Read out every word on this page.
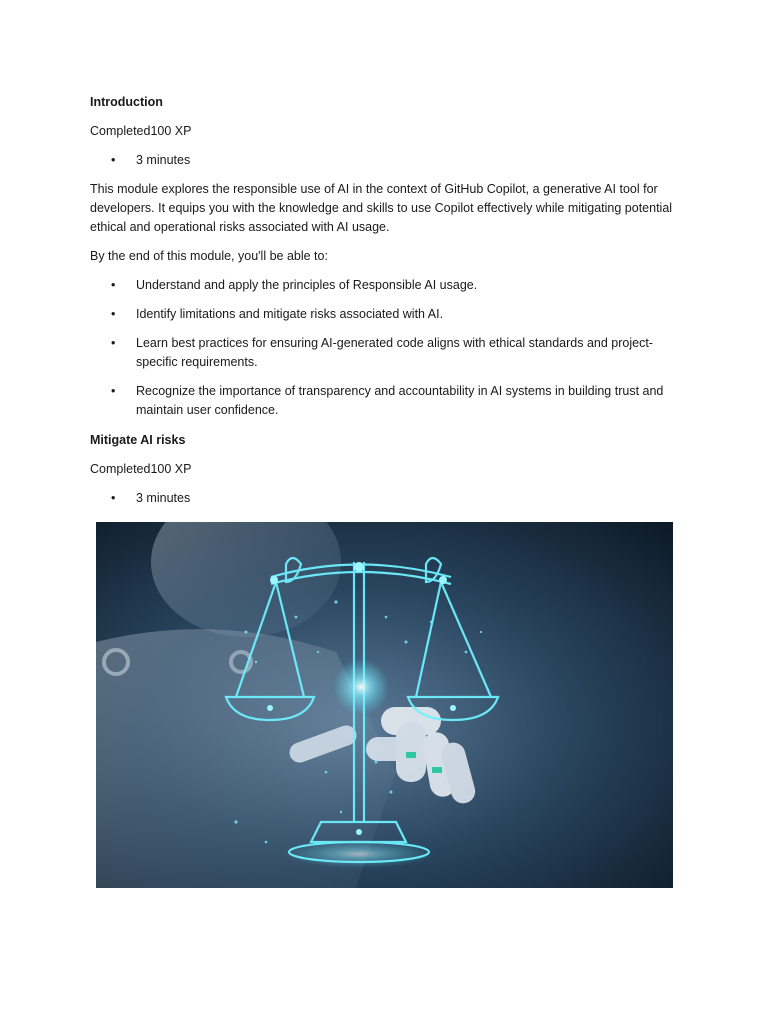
Introduction
Completed100 XP
•	3 minutes
This module explores the responsible use of AI in the context of GitHub Copilot, a generative AI tool for developers. It equips you with the knowledge and skills to use Copilot effectively while mitigating potential ethical and operational risks associated with AI usage.
By the end of this module, you'll be able to:
•	Understand and apply the principles of Responsible AI usage.
•	Identify limitations and mitigate risks associated with AI.
•	Learn best practices for ensuring AI-generated code aligns with ethical standards and project-specific requirements.
•	Recognize the importance of transparency and accountability in AI systems in building trust and maintain user confidence.
Mitigate AI risks
Completed100 XP
•	3 minutes
